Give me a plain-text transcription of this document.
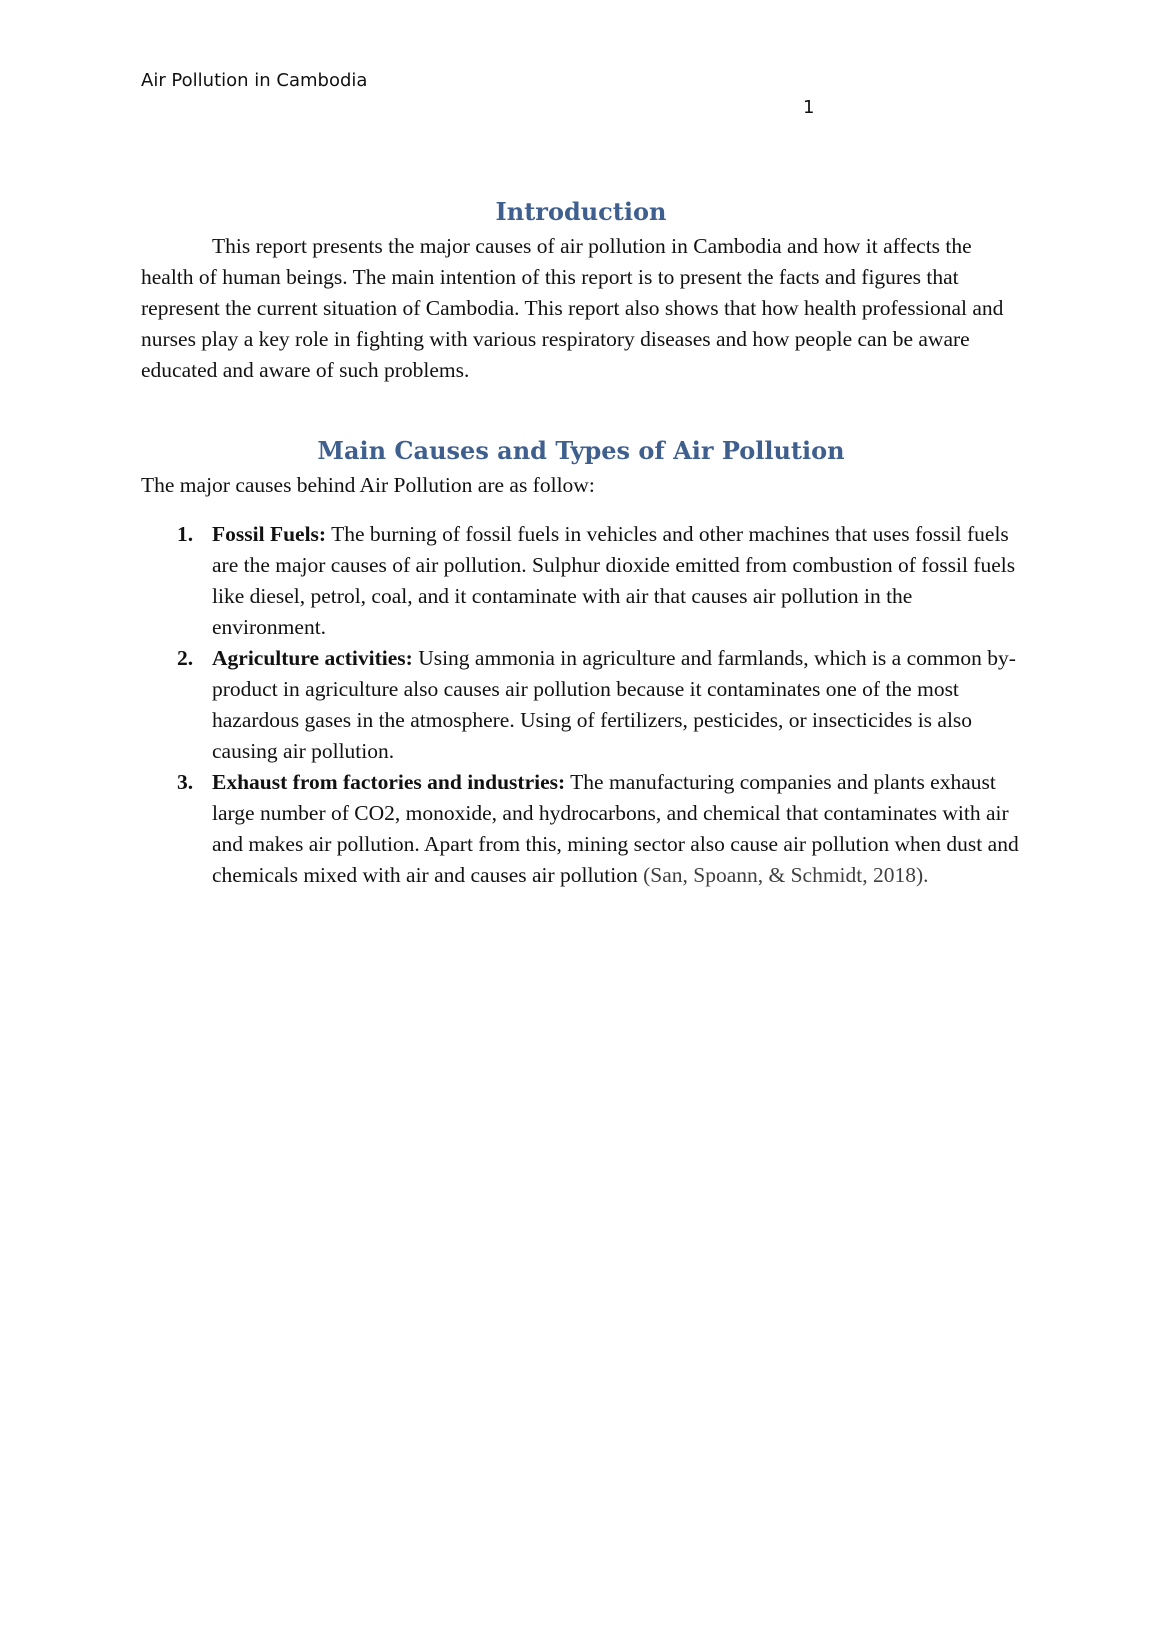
Air Pollution in Cambodia

1

Introduction

This report presents the major causes of air pollution in Cambodia and how it affects the health of human beings. The main intention of this report is to present the facts and figures that represent the current situation of Cambodia. This report also shows that how health professional and nurses play a key role in fighting with various respiratory diseases and how people can be aware educated and aware of such problems.

Main Causes and Types of Air Pollution

The major causes behind Air Pollution are as follow:

1. Fossil Fuels: The burning of fossil fuels in vehicles and other machines that uses fossil fuels are the major causes of air pollution. Sulphur dioxide emitted from combustion of fossil fuels like diesel, petrol, coal, and it contaminate with air that causes air pollution in the environment.
2. Agriculture activities: Using ammonia in agriculture and farmlands, which is a common by-product in agriculture also causes air pollution because it contaminates one of the most hazardous gases in the atmosphere. Using of fertilizers, pesticides, or insecticides is also causing air pollution.
3. Exhaust from factories and industries: The manufacturing companies and plants exhaust large number of CO2, monoxide, and hydrocarbons, and chemical that contaminates with air and makes air pollution. Apart from this, mining sector also cause air pollution when dust and chemicals mixed with air and causes air pollution (San, Spoann, & Schmidt, 2018).
